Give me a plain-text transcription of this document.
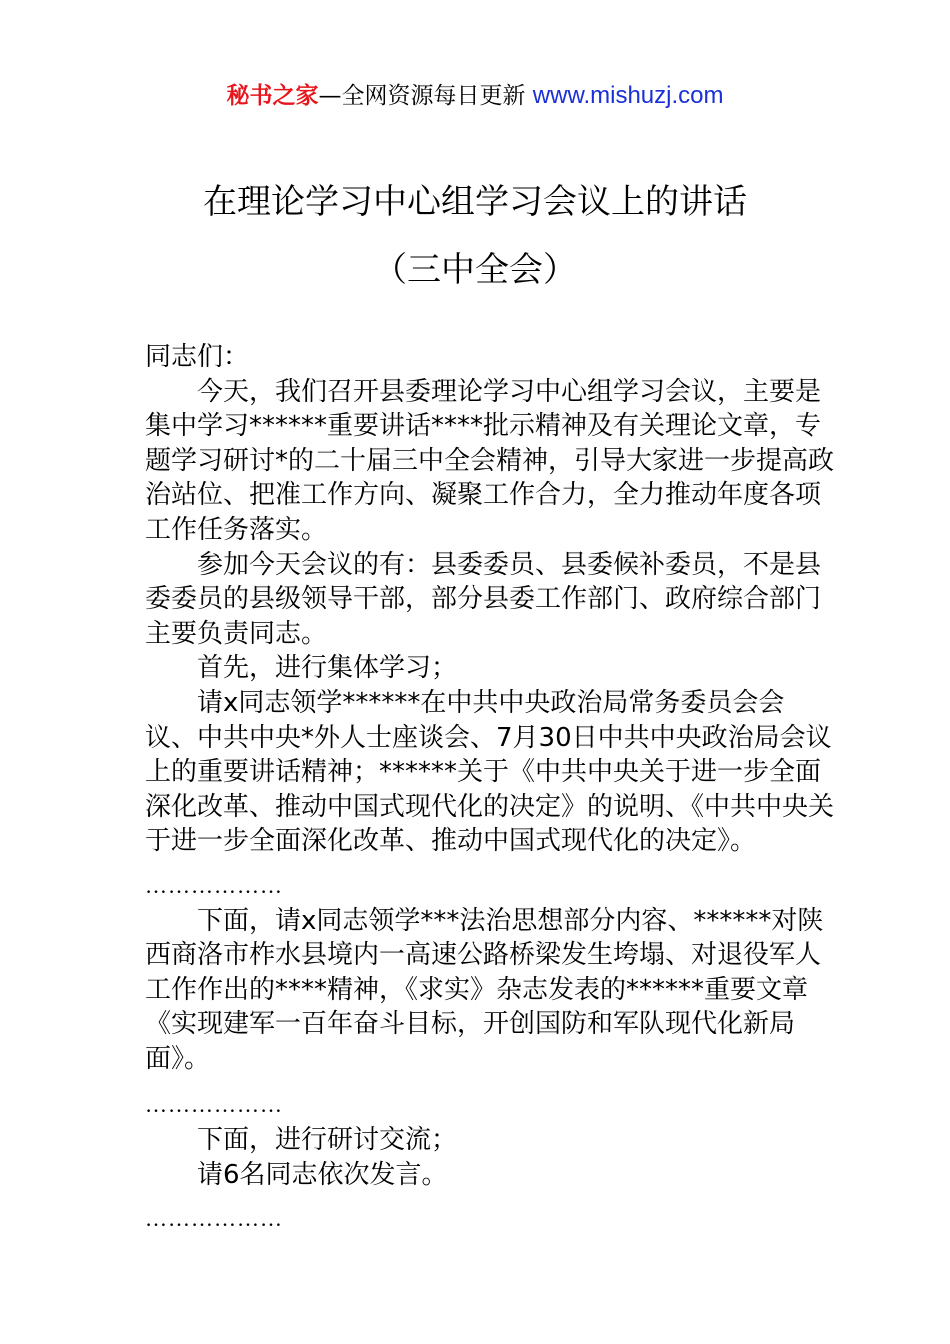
秘书之家—全网资源每日更新 www.mishuzj.com
在理论学习中心组学习会议上的讲话
（三中全会）

同志们：

今天，我们召开县委理论学习中心组学习会议，主要是集中学习******重要讲话****批示精神及有关理论文章，专题学习研讨*的二十届三中全会精神，引导大家进一步提高政治站位、把准工作方向、凝聚工作合力，全力推动年度各项工作任务落实。

参加今天会议的有：县委委员、县委候补委员，不是县委委员的县级领导干部，部分县委工作部门、政府综合部门主要负责同志。

首先，进行集体学习；

请x同志领学******在中共中央政治局常务委员会会议、中共中央*外人士座谈会、7月30日中共中央政治局会议上的重要讲话精神；******关于《中共中央关于进一步全面深化改革、推动中国式现代化的决定》的说明、《中共中央关于进一步全面深化改革、推动中国式现代化的决定》。

………………

下面，请x同志领学***法治思想部分内容、******对陕西商洛市柞水县境内一高速公路桥梁发生垮塌、对退役军人工作作出的****精神，《求实》杂志发表的******重要文章《实现建军一百年奋斗目标，开创国防和军队现代化新局面》。

………………

下面，进行研讨交流；

请6名同志依次发言。

………………
